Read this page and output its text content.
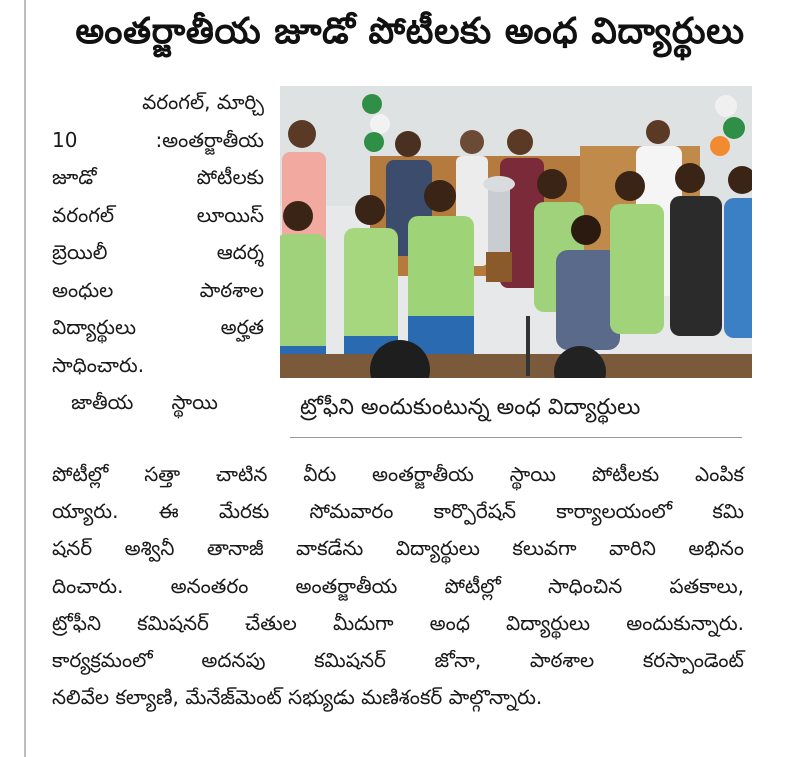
అంతర్జాతీయ జూడో పోటీలకు అంధ విద్యార్థులు
వరంగల్, మార్చి
10 :అంతర్జాతీయ
జూడో పోటీలకు
వరంగల్ లూయిస్
బ్రెయిలీ ఆదర్శ
అంధుల పాఠశాల
విద్యార్థులు అర్హత
సాధించారు.
జాతీయ      స్థాయి	ట్రోఫీని అందుకుంటున్న అంధ విద్యార్థులు
పోటీల్లో సత్తా చాటిన వీరు అంతర్జాతీయ స్థాయి పోటీలకు ఎంపిక
య్యారు. ఈ మేరకు సోమవారం కార్పొరేషన్ కార్యాలయంలో కమి
షనర్ అశ్వినీ తానాజీ వాకడేను విద్యార్థులు కలువగా వారిని అభినం
దించారు. అనంతరం అంతర్జాతీయ పోటీల్లో సాధించిన పతకాలు,
ట్రోఫీని కమిషనర్ చేతుల మీదుగా అంధ విద్యార్థులు అందుకున్నారు.
కార్యక్రమంలో అదనపు కమిషనర్ జోనా, పాఠశాల కరస్పాండెంట్
నలివేల కల్యాణి, మేనేజ్‌మెంట్ సభ్యుడు మణిశంకర్ పాల్గొన్నారు.
